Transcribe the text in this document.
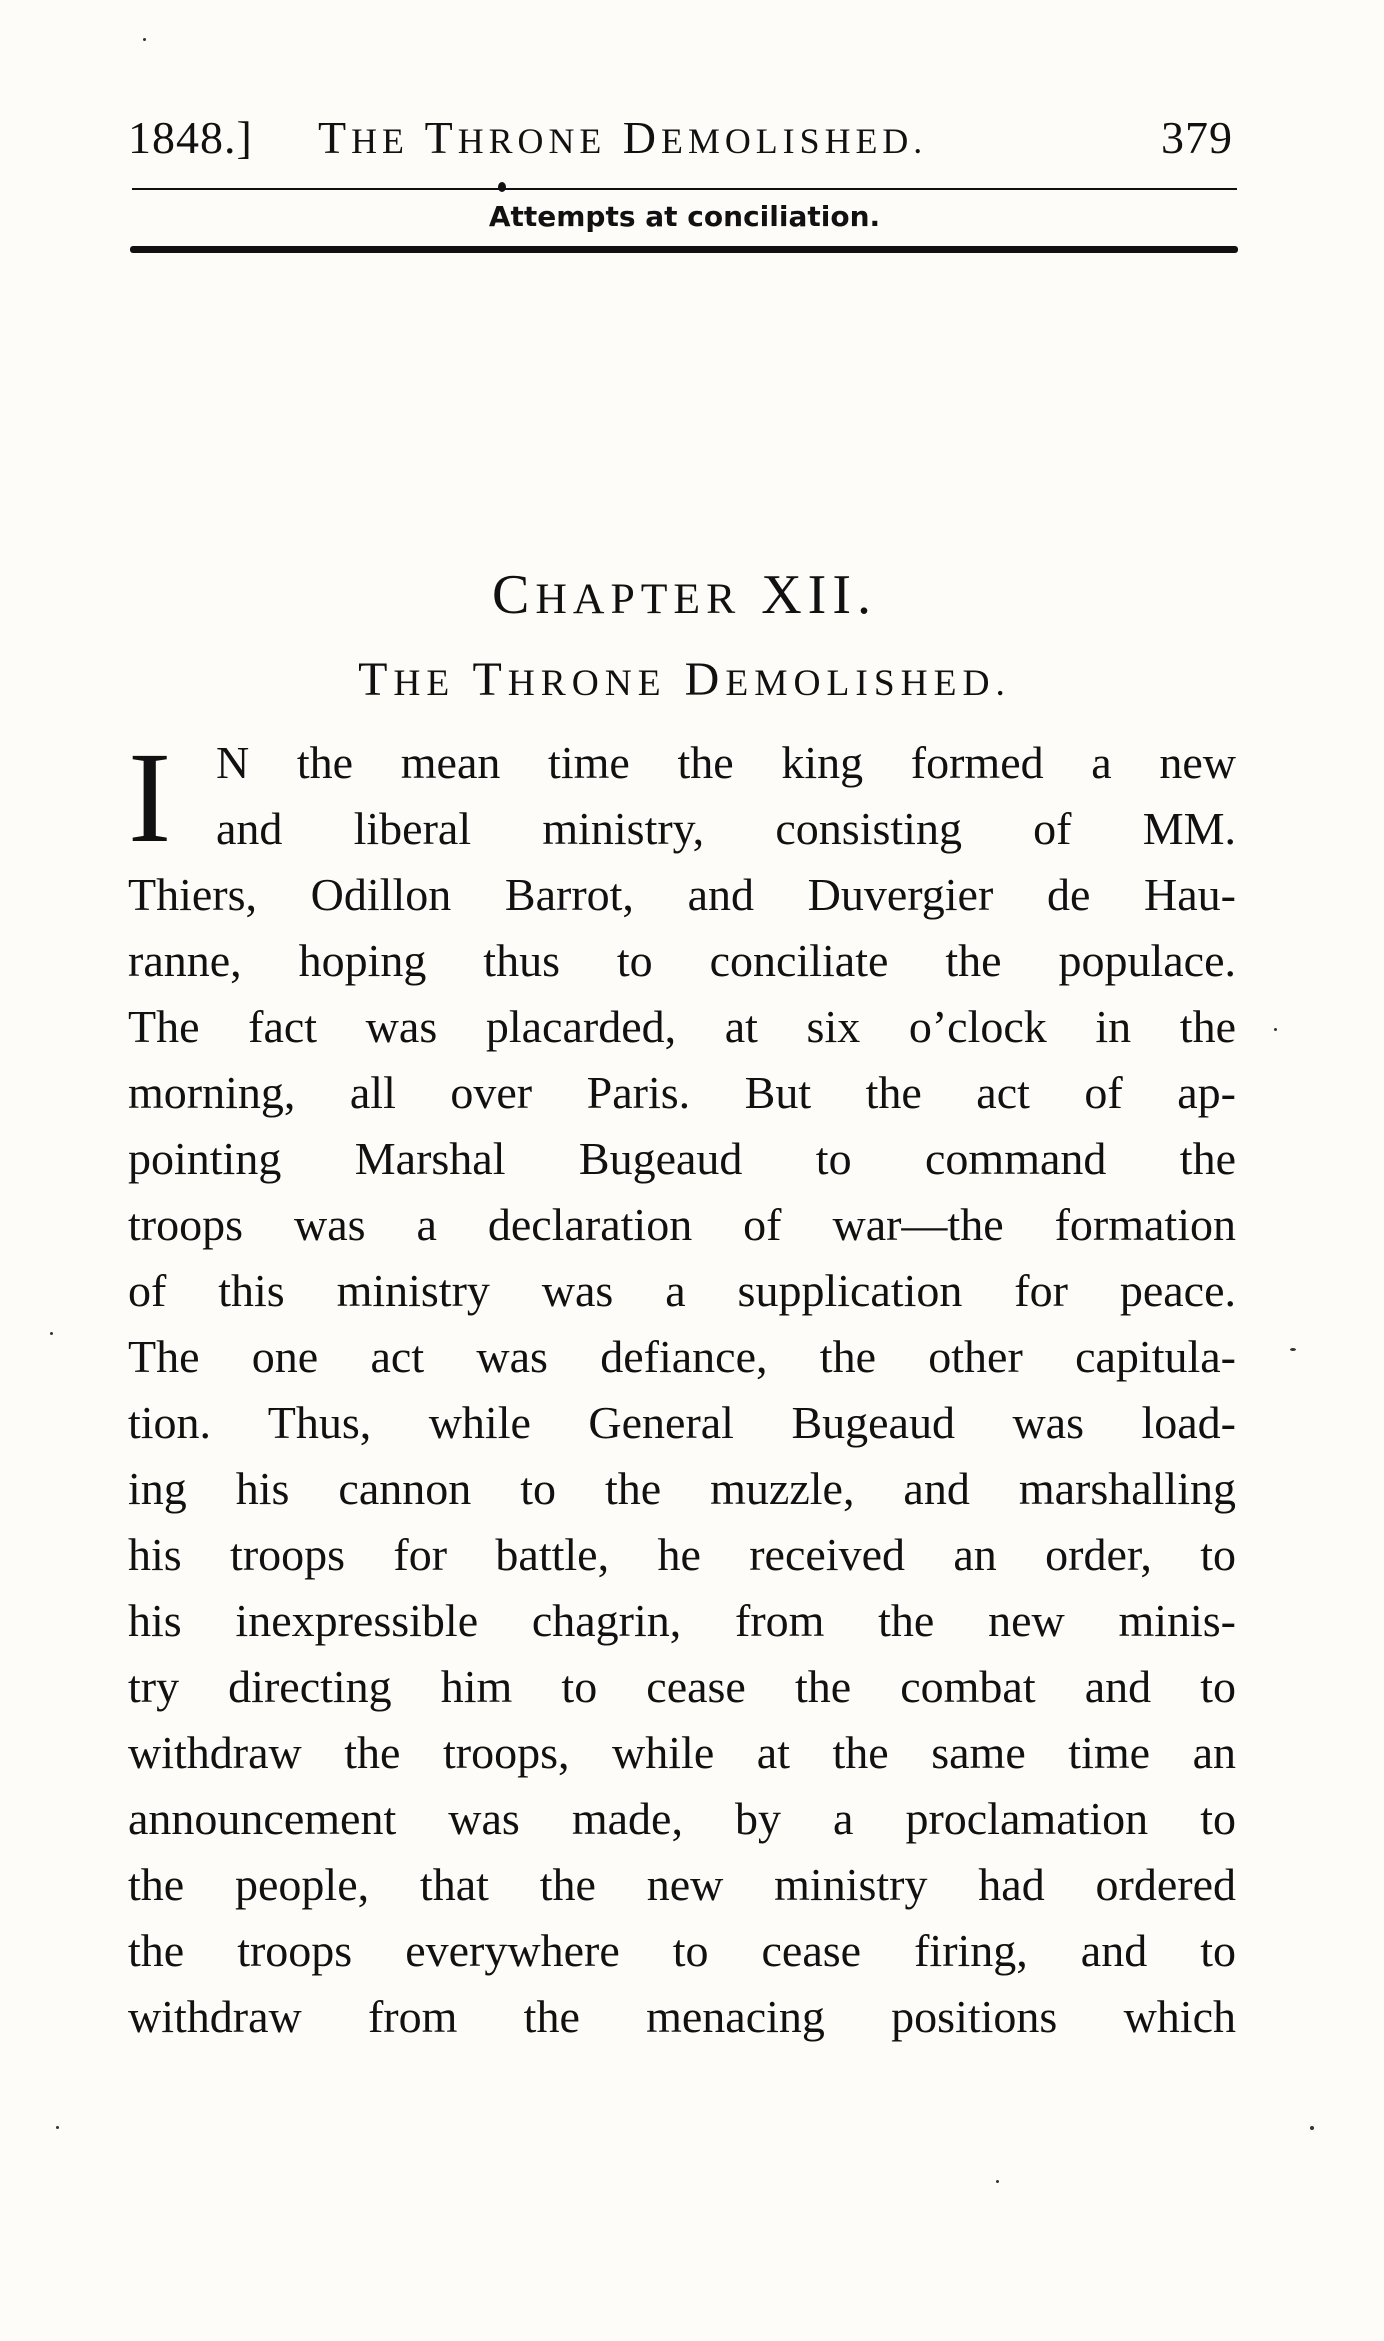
1848.] THE THRONE DEMOLISHED.	379
Attempts at conciliation.
CHAPTER XII.
THE THRONE DEMOLISHED.
I N the mean time the king formed a new
and liberal ministry, consisting of MM.
Thiers, Odillon Barrot, and Duvergier de Hau-
ranne, hoping thus to conciliate the populace.
The fact was placarded, at six o’clock in the
morning, all over Paris. But the act of ap-
pointing Marshal Bugeaud to command the
troops was a declaration of war—the formation
of this ministry was a supplication for peace.
The one act was defiance, the other capitula-
tion. Thus, while General Bugeaud was load-
ing his cannon to the muzzle, and marshalling
his troops for battle, he received an order, to
his inexpressible chagrin, from the new minis-
try directing him to cease the combat and to
withdraw the troops, while at the same time an
announcement was made, by a proclamation to
the people, that the new ministry had ordered
the troops everywhere to cease firing, and to
withdraw from the menacing positions which
